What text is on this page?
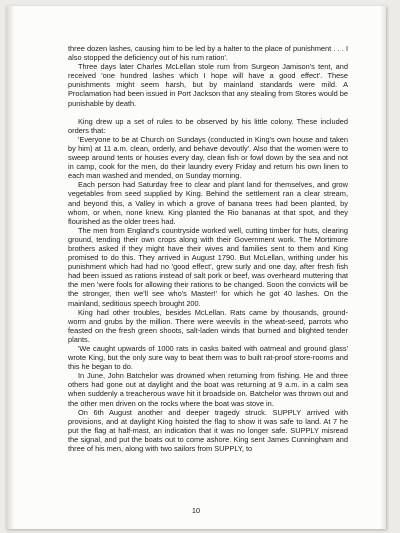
three dozen lashes, causing him to be led by a halter to the place of punishment . . . I also stopped the deficiency out of his rum ration'.

Three days later Charles McLellan stole rum from Surgeon Jamison's tent, and received 'one hundred lashes which I hope will have a good effect'. These punishments might seem harsh, but by mainland standards were mild. A Proclamation had been issued in Port Jackson that any stealing from Stores would be punishable by death.

King drew up a set of rules to be observed by his little colony. These included orders that:

'Everyone to be at Church on Sundays (conducted in King's own house and taken by him) at 11 a.m. clean, orderly, and behave devoutly'. Also that the women were to sweep around tents or houses every day, clean fish or fowl down by the sea and not in camp, cook for the men, do their laundry every Friday and return his own linen to each man washed and mended, on Sunday morning.

Each person had Saturday free to clear and plant land for themselves, and grow vegetables from seed supplied by King. Behind the settlement ran a clear stream, and beyond this, a Valley in which a grove of banana trees had been planted, by whom, or when, none knew. King planted the Rio bananas at that spot, and they flourished as the older trees had.

The men from England's countryside worked well, cutting timber for huts, clearing ground, tending their own crops along with their Government work. The Mortimore brothers asked if they might have their wives and families sent to them and King promised to do this. They arrived in August 1790. But McLellan, writhing under his punishment which had had no 'good effect', grew surly and one day, after fresh fish had been issued as rations instead of salt pork or beef, was overheard muttering that the men 'were fools for allowing their rations to be changed. Soon the convicts will be the stronger, then we'll see who's Master!' for which he got 40 lashes. On the mainland, seditious speech brought 200.

King had other troubles, besides McLellan. Rats came by thousands, ground-worm and grubs by the million. There were weevils in the wheat-seed, parrots who feasted on the fresh green shoots, salt-laden winds that burned and blighted tender plants.

'We caught upwards of 1000 rats in casks baited with oatmeal and ground glass' wrote King, but the only sure way to beat them was to built rat-proof store-rooms and this he began to do.

In June, John Batchelor was drowned when returning from fishing. He and three others had gone out at daylight and the boat was returning at 9 a.m. in a calm sea when suddenly a treacherous wave hit it broadside on. Batchelor was thrown out and the other men driven on the rocks where the boat was stove in.

On 6th August another and deeper tragedy struck. SUPPLY arrived with provisions, and at daylight King hoisted the flag to show it was safe to land. At 7 he put the flag at half-mast, an indication that it was no longer safe. SUPPLY misread the signal, and put the boats out to come ashore. King sent James Cunningham and three of his men, along with two sailors from SUPPLY, to

10
